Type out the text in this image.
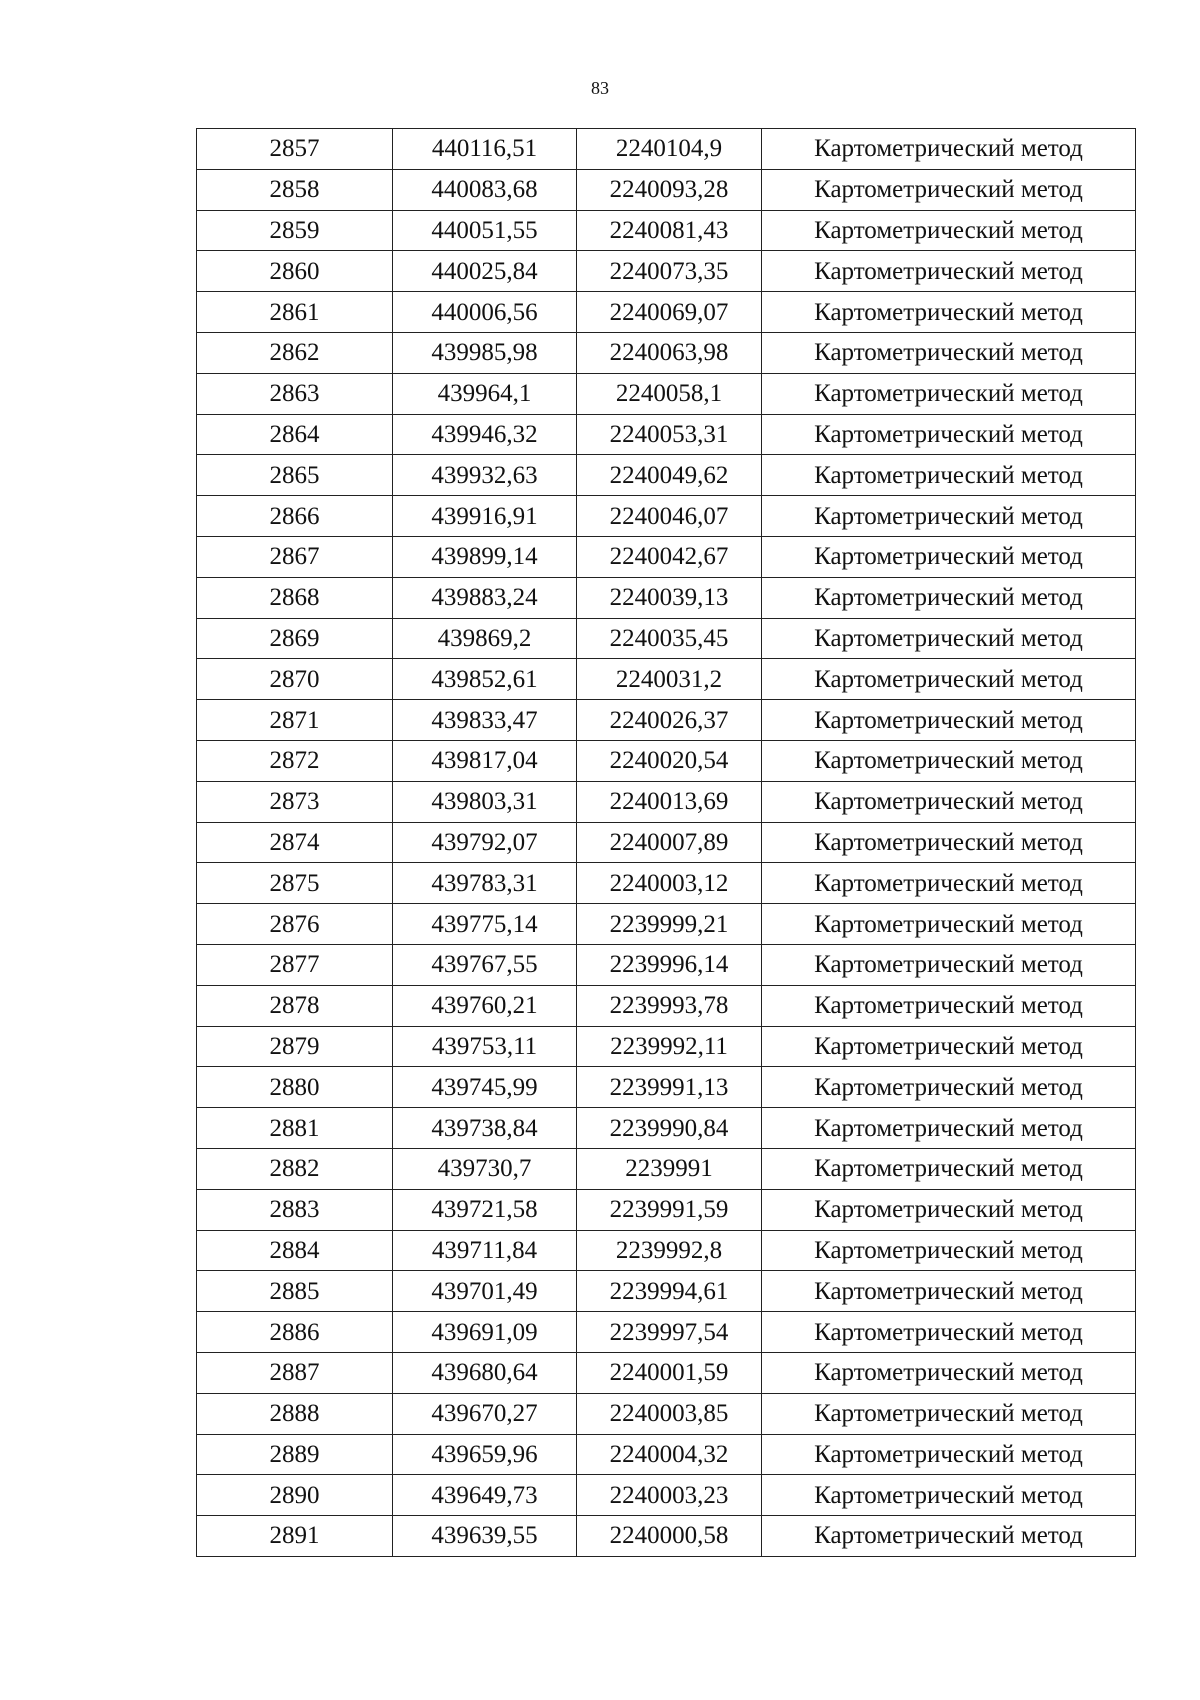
83
2857	440116,51	2240104,9	Картометрический метод
2858	440083,68	2240093,28	Картометрический метод
2859	440051,55	2240081,43	Картометрический метод
2860	440025,84	2240073,35	Картометрический метод
2861	440006,56	2240069,07	Картометрический метод
2862	439985,98	2240063,98	Картометрический метод
2863	439964,1	2240058,1	Картометрический метод
2864	439946,32	2240053,31	Картометрический метод
2865	439932,63	2240049,62	Картометрический метод
2866	439916,91	2240046,07	Картометрический метод
2867	439899,14	2240042,67	Картометрический метод
2868	439883,24	2240039,13	Картометрический метод
2869	439869,2	2240035,45	Картометрический метод
2870	439852,61	2240031,2	Картометрический метод
2871	439833,47	2240026,37	Картометрический метод
2872	439817,04	2240020,54	Картометрический метод
2873	439803,31	2240013,69	Картометрический метод
2874	439792,07	2240007,89	Картометрический метод
2875	439783,31	2240003,12	Картометрический метод
2876	439775,14	2239999,21	Картометрический метод
2877	439767,55	2239996,14	Картометрический метод
2878	439760,21	2239993,78	Картометрический метод
2879	439753,11	2239992,11	Картометрический метод
2880	439745,99	2239991,13	Картометрический метод
2881	439738,84	2239990,84	Картометрический метод
2882	439730,7	2239991	Картометрический метод
2883	439721,58	2239991,59	Картометрический метод
2884	439711,84	2239992,8	Картометрический метод
2885	439701,49	2239994,61	Картометрический метод
2886	439691,09	2239997,54	Картометрический метод
2887	439680,64	2240001,59	Картометрический метод
2888	439670,27	2240003,85	Картометрический метод
2889	439659,96	2240004,32	Картометрический метод
2890	439649,73	2240003,23	Картометрический метод
2891	439639,55	2240000,58	Картометрический метод
